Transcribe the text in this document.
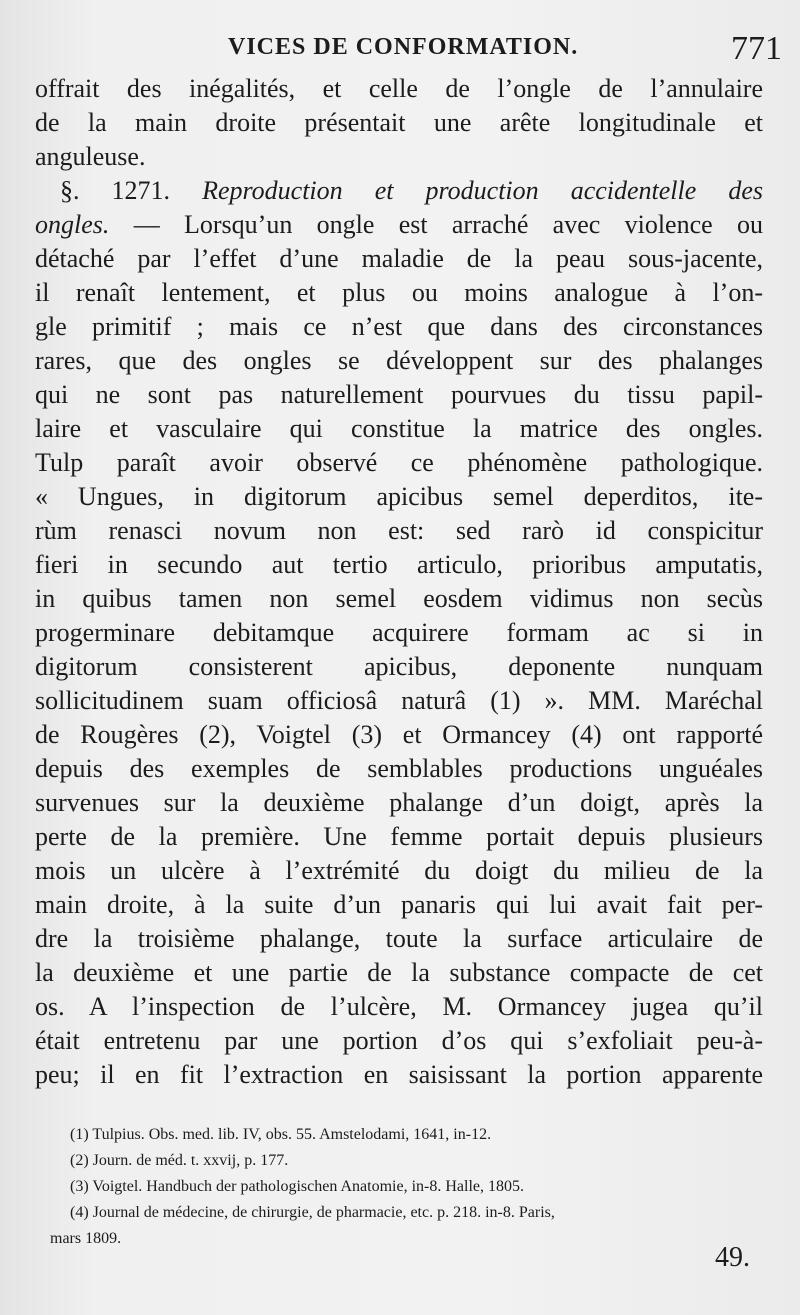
VICES DE CONFORMATION.	771
offrait des inégalités, et celle de l’ongle de l’annulaire
de la main droite présentait une arête longitudinale et
anguleuse.
§. 1271. Reproduction et production accidentelle des
ongles. — Lorsqu’un ongle est arraché avec violence ou
détaché par l’effet d’une maladie de la peau sous-jacente,
il renaît lentement, et plus ou moins analogue à l’on-
gle primitif ; mais ce n’est que dans des circonstances
rares, que des ongles se développent sur des phalanges
qui ne sont pas naturellement pourvues du tissu papil-
laire et vasculaire qui constitue la matrice des ongles.
Tulp paraît avoir observé ce phénomène pathologique.
« Ungues, in digitorum apicibus semel deperditos, ite-
rùm renasci novum non est: sed rarò id conspicitur
fieri in secundo aut tertio articulo, prioribus amputatis,
in quibus tamen non semel eosdem vidimus non secùs
progerminare debitamque acquirere formam ac si in
digitorum consisterent apicibus, deponente nunquam
sollicitudinem suam officiosâ naturâ (1) ». MM. Maréchal
de Rougères (2), Voigtel (3) et Ormancey (4) ont rapporté
depuis des exemples de semblables productions unguéales
survenues sur la deuxième phalange d’un doigt, après la
perte de la première. Une femme portait depuis plusieurs
mois un ulcère à l’extrémité du doigt du milieu de la
main droite, à la suite d’un panaris qui lui avait fait per-
dre la troisième phalange, toute la surface articulaire de
la deuxième et une partie de la substance compacte de cet
os. A l’inspection de l’ulcère, M. Ormancey jugea qu’il
était entretenu par une portion d’os qui s’exfoliait peu-à-
peu; il en fit l’extraction en saisissant la portion apparente
(1) Tulpius. Obs. med. lib. IV, obs. 55. Amstelodami, 1641, in-12.
(2) Journ. de méd. t. xxvij, p. 177.
(3) Voigtel. Handbuch der pathologischen Anatomie, in-8. Halle, 1805.
(4) Journal de médecine, de chirurgie, de pharmacie, etc. p. 218. in-8. Paris,
mars 1809.
49.
